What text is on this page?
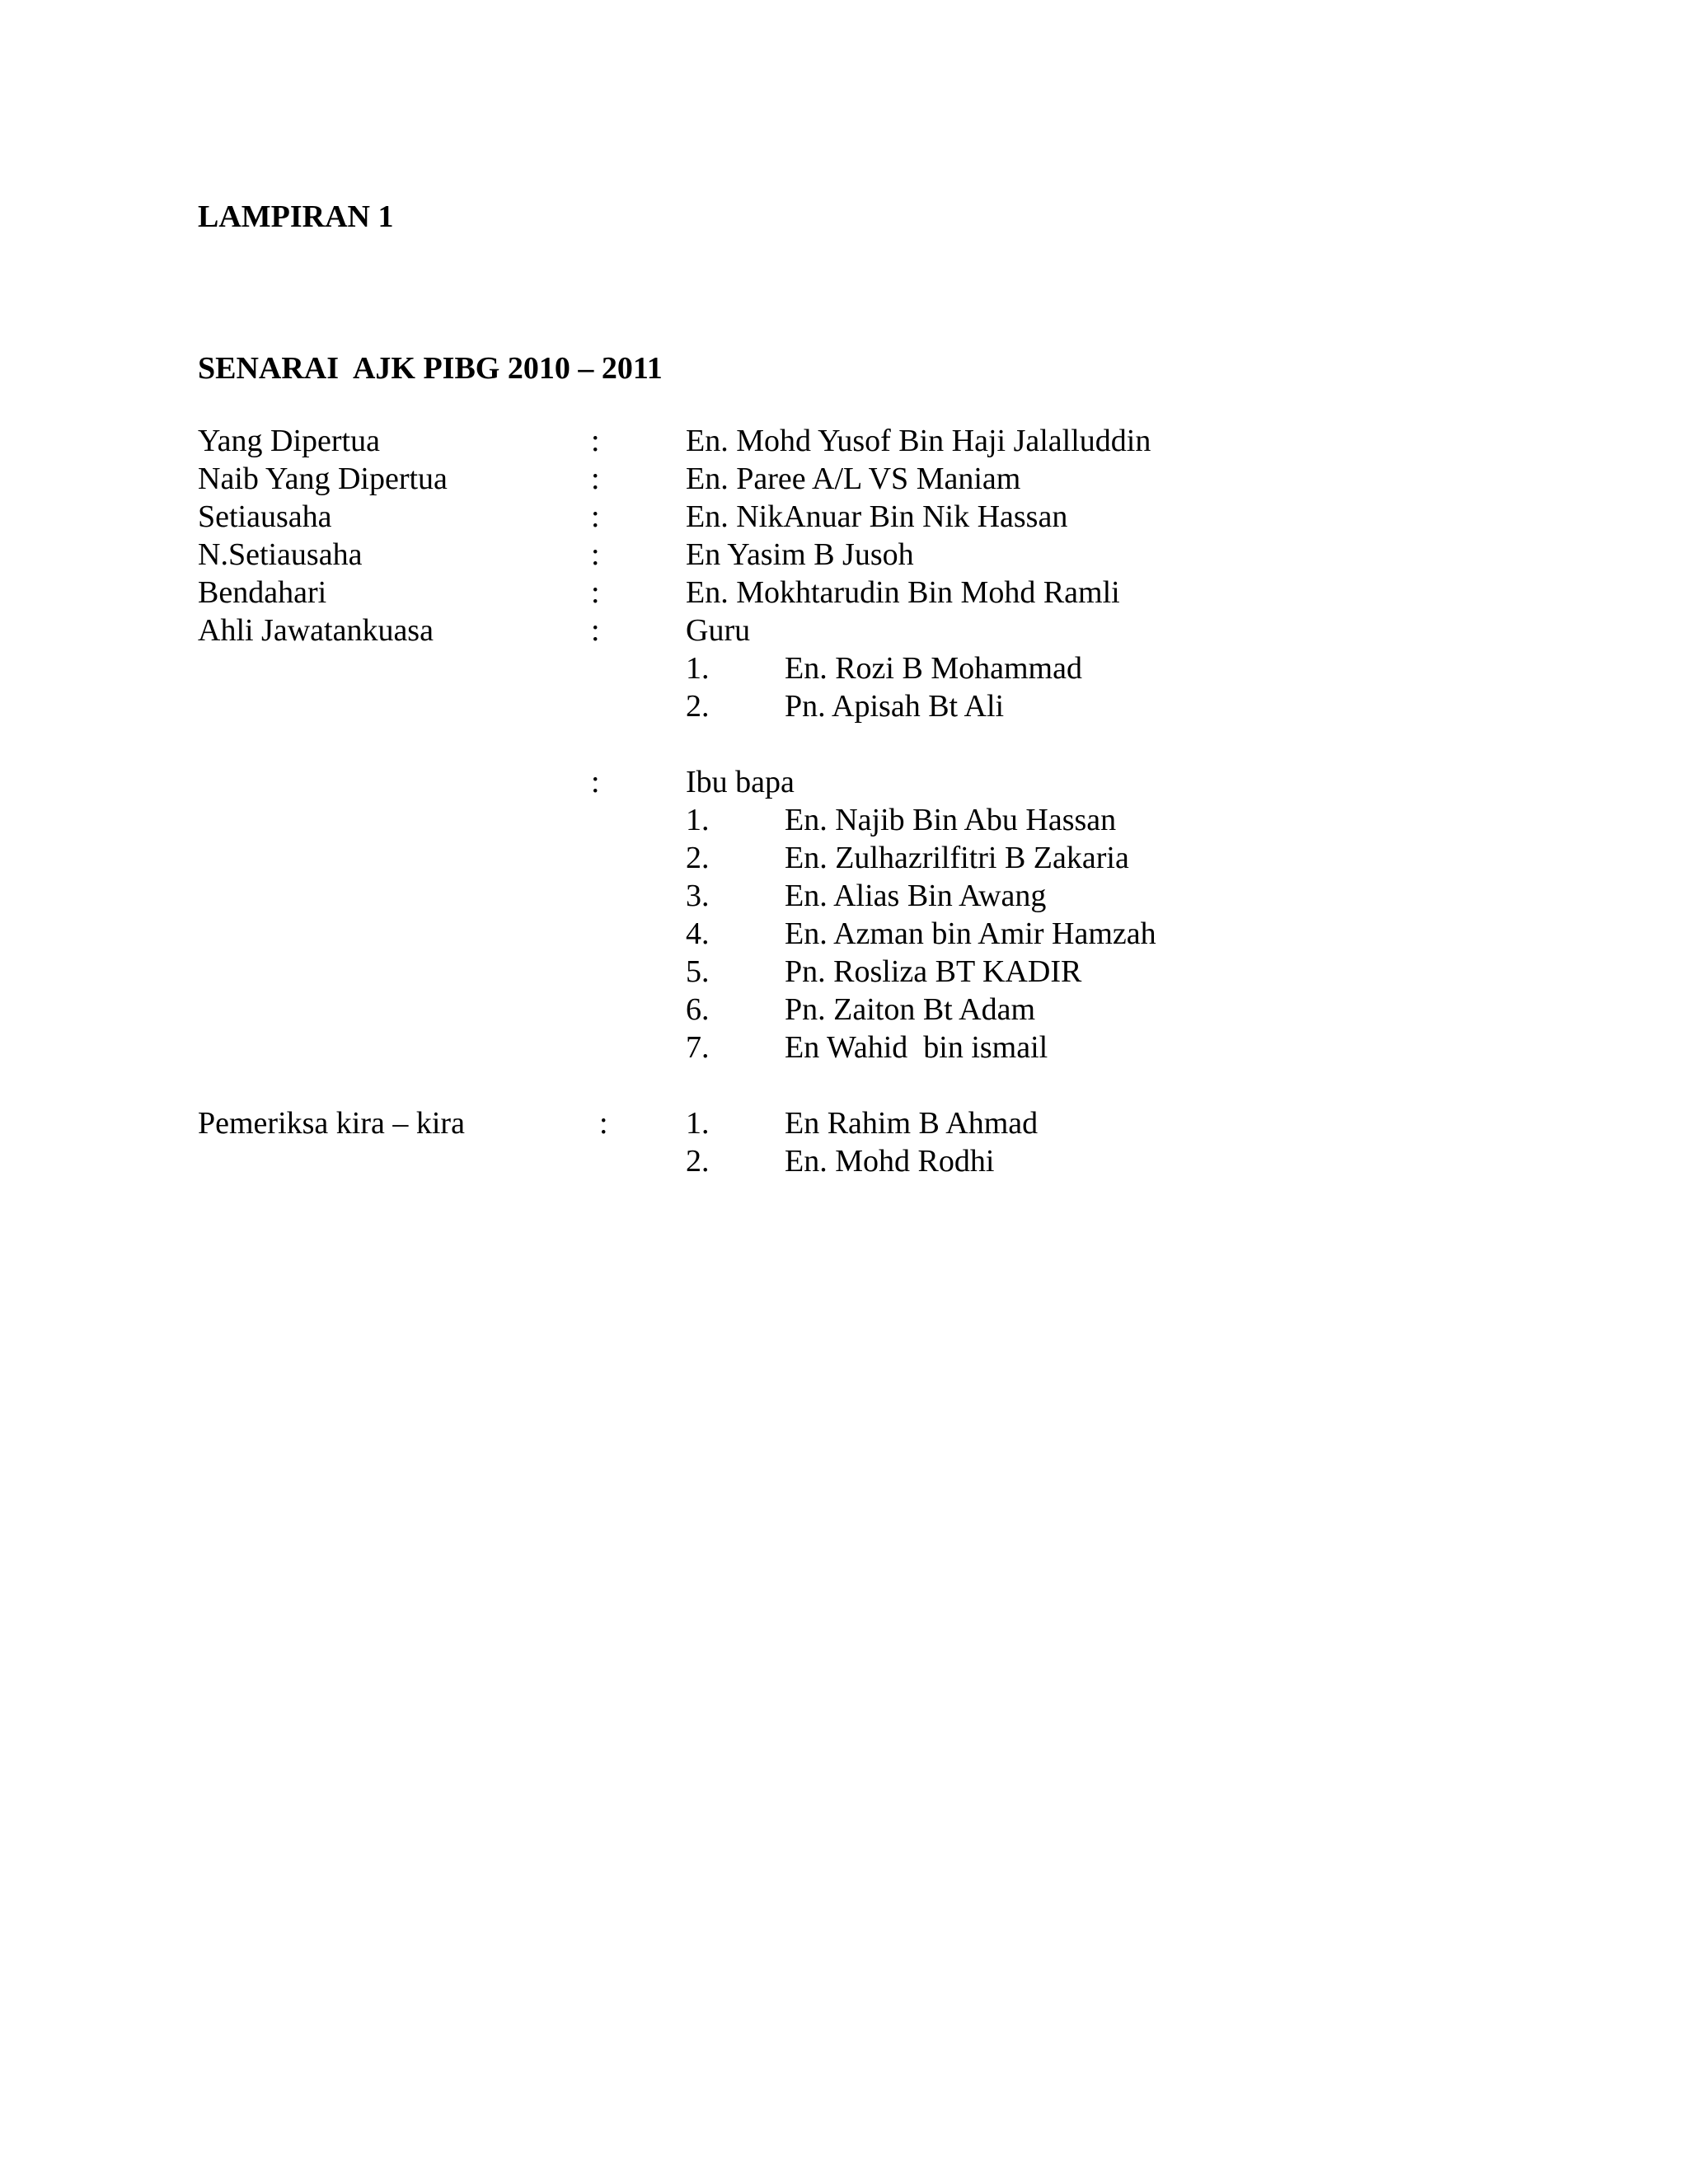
LAMPIRAN 1
SENARAI  AJK PIBG 2010 – 2011
Yang Dipertua	:	En. Mohd Yusof Bin Haji Jalalluddin
Naib Yang Dipertua	:	En. Paree A/L VS Maniam
Setiausaha	:	En. NikAnuar Bin Nik Hassan
N.Setiausaha	:	En Yasim B Jusoh
Bendahari	:	En. Mokhtarudin Bin Mohd Ramli
Ahli Jawatankuasa	:	Guru
1. En. Rozi B Mohammad
2. Pn. Apisah Bt Ali
:	Ibu bapa
1. En. Najib Bin Abu Hassan
2. En. Zulhazrilfitri B Zakaria
3. En. Alias Bin Awang
4. En. Azman bin Amir Hamzah
5. Pn. Rosliza BT KADIR
6. Pn. Zaiton Bt Adam
7. En Wahid  bin ismail
Pemeriksa kira – kira	: 1. En Rahim B Ahmad
2. En. Mohd Rodhi
